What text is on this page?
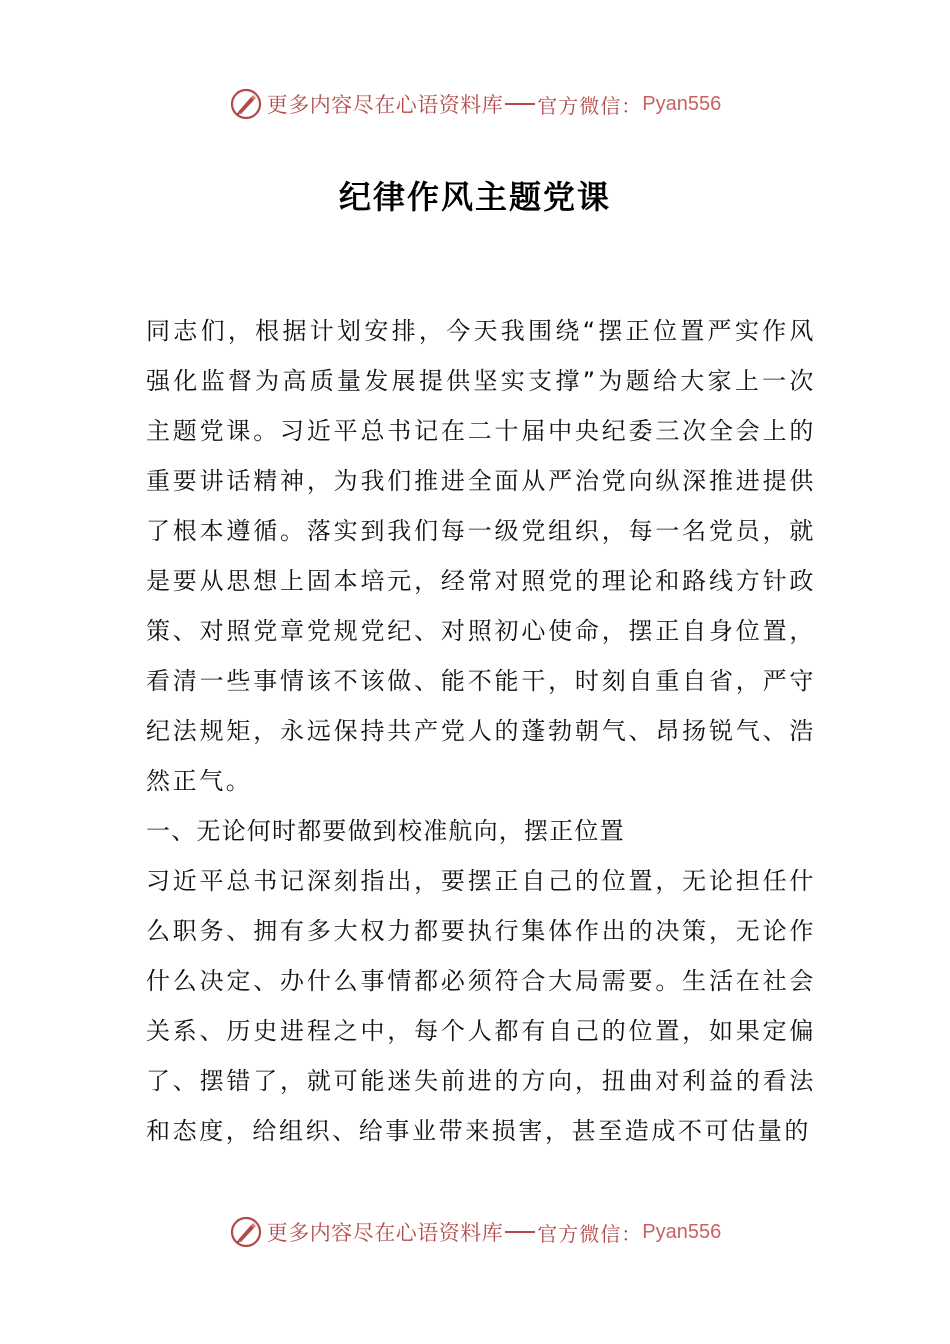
更多内容尽在心语资料库 官方微信： Pyan556
纪律作风主题党课

同志们，根据计划安排，今天我围绕“摆正位置严实作风强化监督为高质量发展提供坚实支撑”为题给大家上一次主题党课。习近平总书记在二十届中央纪委三次全会上的重要讲话精神，为我们推进全面从严治党向纵深推进提供了根本遵循。落实到我们每一级党组织，每一名党员，就是要从思想上固本培元，经常对照党的理论和路线方针政策、对照党章党规党纪、对照初心使命，摆正自身位置，看清一些事情该不该做、能不能干，时刻自重自省，严守纪法规矩，永远保持共产党人的蓬勃朝气、昂扬锐气、浩然正气。

一、无论何时都要做到校准航向，摆正位置

习近平总书记深刻指出，要摆正自己的位置，无论担任什么职务、拥有多大权力都要执行集体作出的决策，无论作什么决定、办什么事情都必须符合大局需要。生活在社会关系、历史进程之中，每个人都有自己的位置，如果定偏了、摆错了，就可能迷失前进的方向，扭曲对利益的看法和态度，给组织、给事业带来损害，甚至造成不可估量的

更多内容尽在心语资料库 官方微信： Pyan556
